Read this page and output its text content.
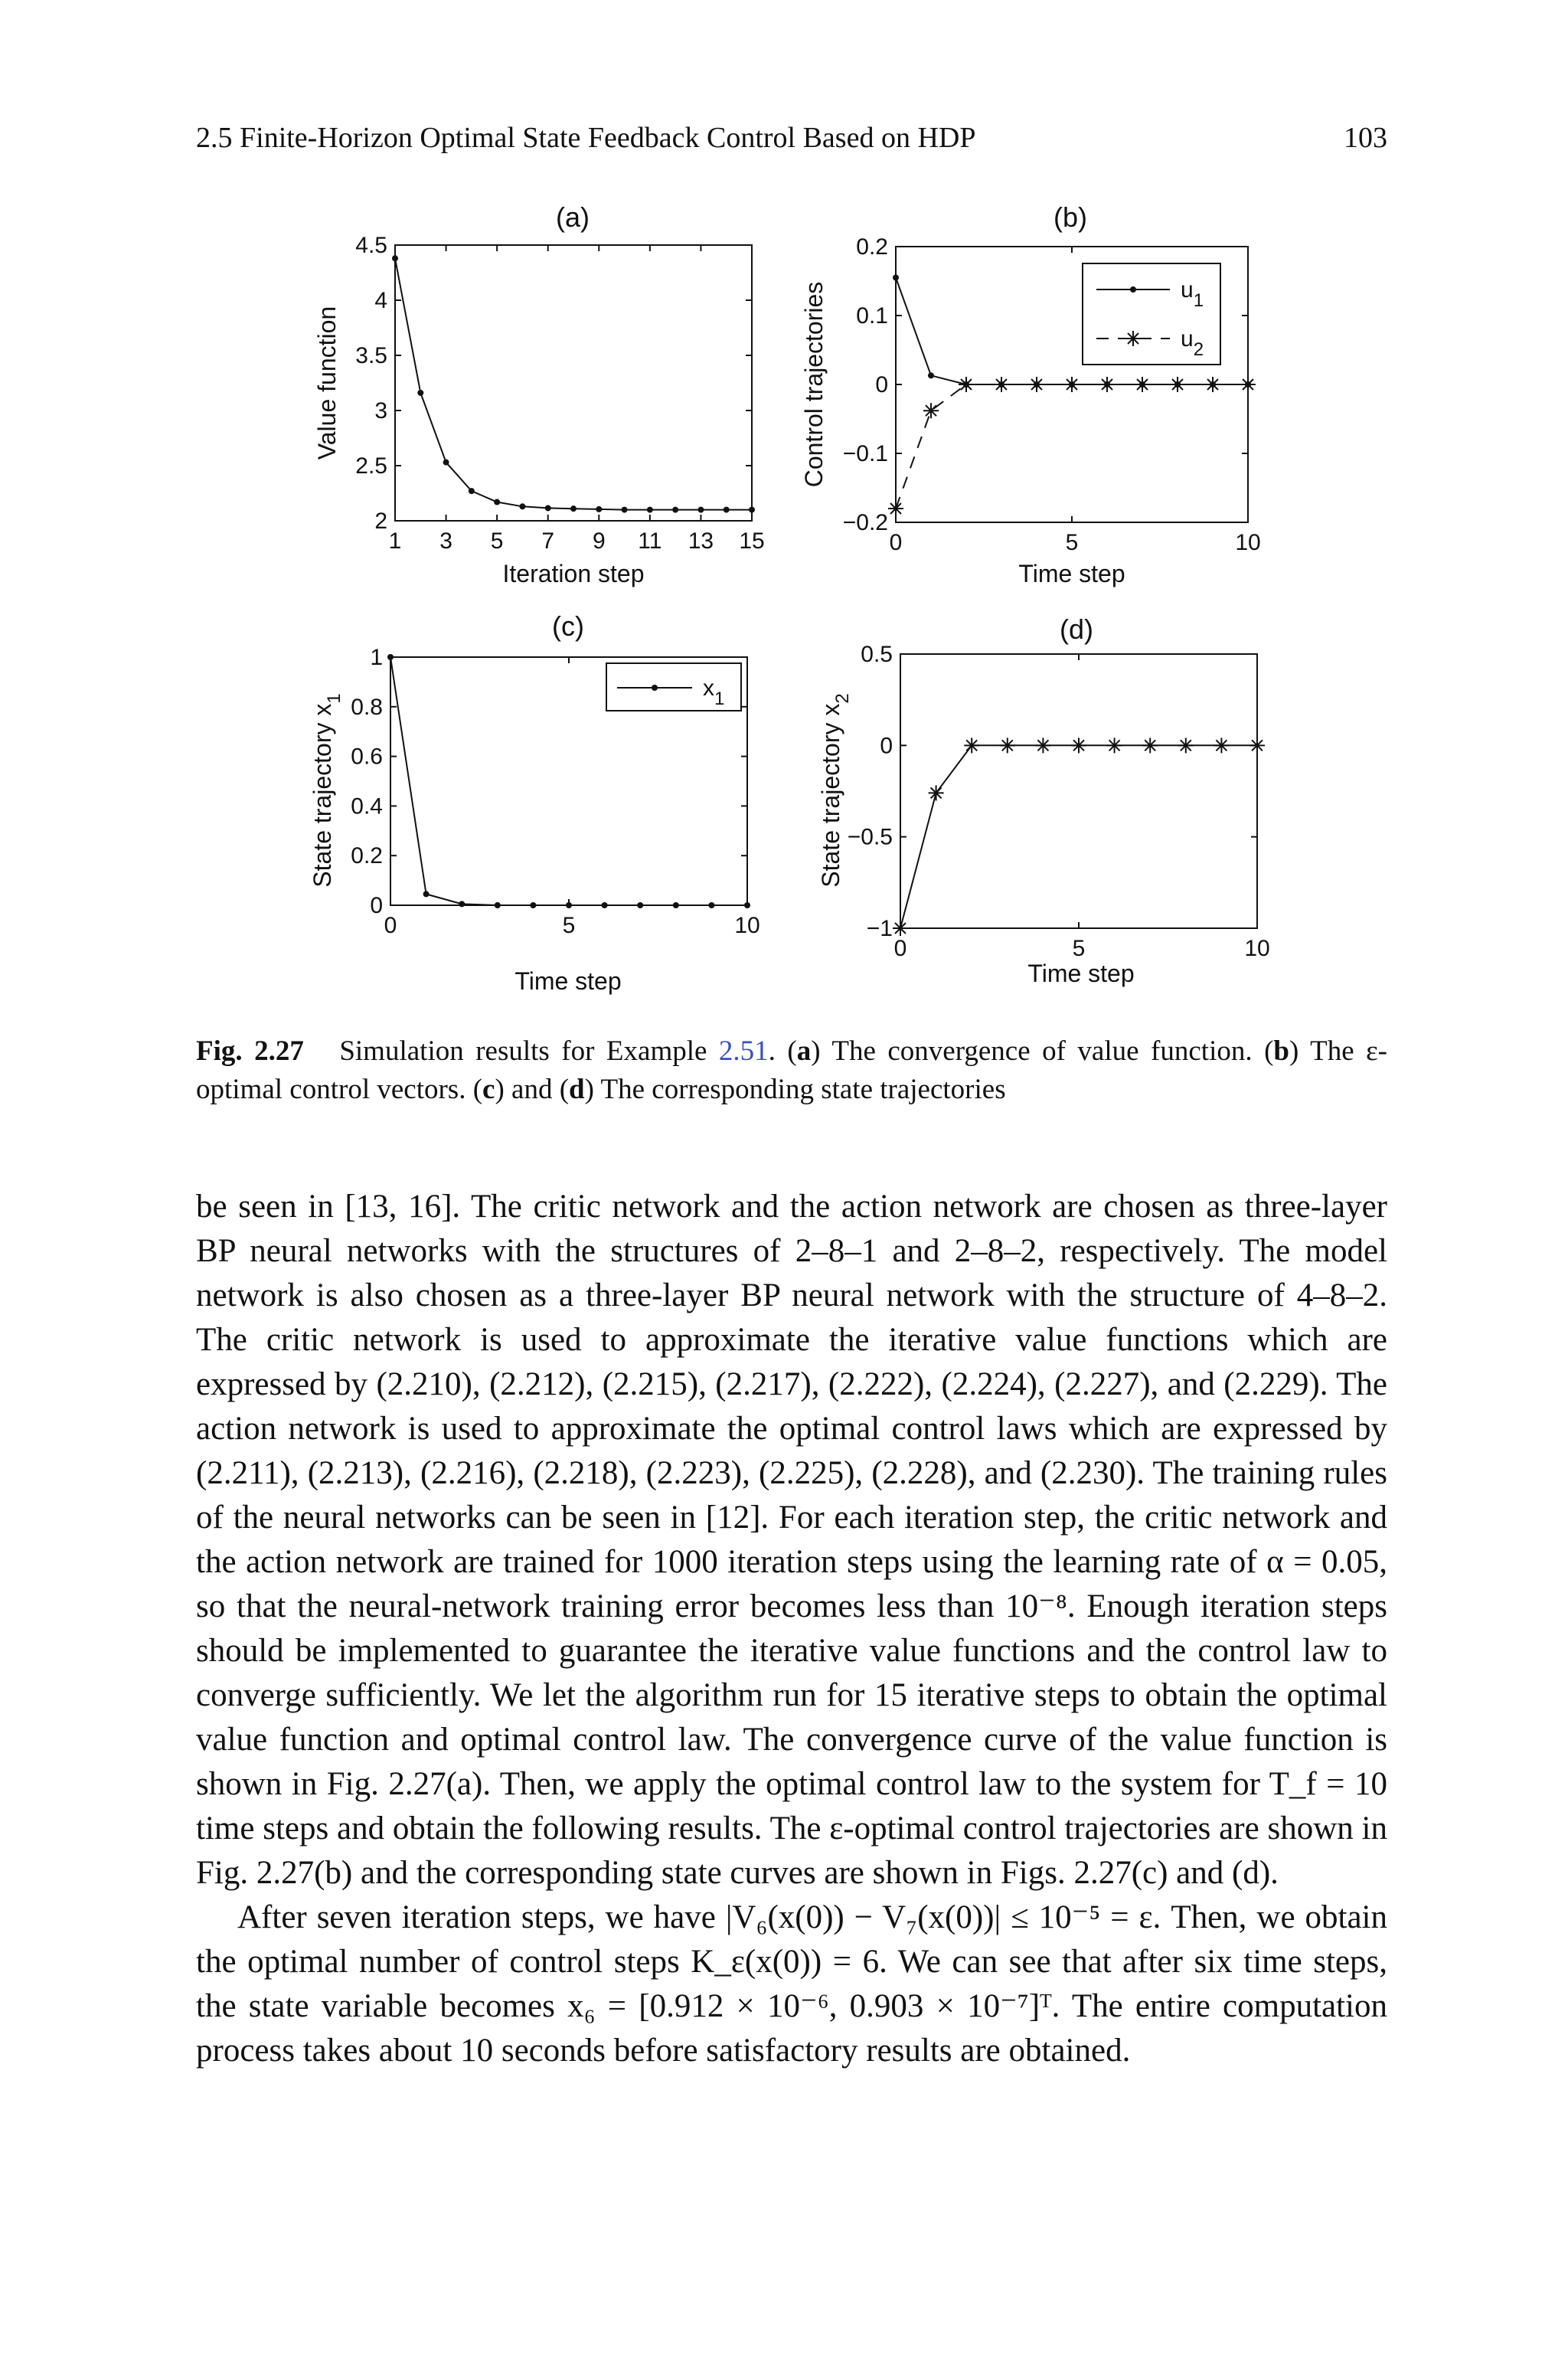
2.5 Finite-Horizon Optimal State Feedback Control Based on HDP	103
(a)
1 3 5 7 9 11 13 15
2
2.5
3
3.5
4
4.5
Iteration step
Value function
(b)
0	5	10
−0.2
−0.1
0
0.1
0.2
Time step
Control trajectories	$u_1$
$u_2$
(c)
0	5	10
0
0.2
0.4
0.6
0.8
1
Time step
State trajectory $x_1$	$x_1$
(d)
0	5	10
−1
−0.5
0
0.5
Time step
State trajectory $x_2$
Fig. 2.27 Simulation results for Example 2.51. (a) The convergence of value function. (b) The ε-optimal control vectors. (c) and (d) The corresponding state trajectories

be seen in [13, 16]. The critic network and the action network are chosen as three-layer BP neural networks with the structures of 2–8–1 and 2–8–2, respectively. The model network is also chosen as a three-layer BP neural network with the structure of 4–8–2. The critic network is used to approximate the iterative value functions which are expressed by (2.210), (2.212), (2.215), (2.217), (2.222), (2.224), (2.227), and (2.229). The action network is used to approximate the optimal control laws which are expressed by (2.211), (2.213), (2.216), (2.218), (2.223), (2.225), (2.228), and (2.230). The training rules of the neural networks can be seen in [12]. For each iteration step, the critic network and the action network are trained for 1000 iteration steps using the learning rate of α = 0.05, so that the neural-network training error becomes less than 10⁻⁸. Enough iteration steps should be implemented to guarantee the iterative value functions and the control law to converge sufficiently. We let the algorithm run for 15 iterative steps to obtain the optimal value function and optimal control law. The convergence curve of the value function is shown in Fig. 2.27(a). Then, we apply the optimal control law to the system for T_f = 10 time steps and obtain the following results. The ε-optimal control trajectories are shown in Fig. 2.27(b) and the corresponding state curves are shown in Figs. 2.27(c) and (d).

After seven iteration steps, we have |V₆(x(0)) − V₇(x(0))| ≤ 10⁻⁵ = ε. Then, we obtain the optimal number of control steps K_ε(x(0)) = 6. We can see that after six time steps, the state variable becomes x₆ = [0.912 × 10⁻⁶, 0.903 × 10⁻⁷]ᵀ. The entire computation process takes about 10 seconds before satisfactory results are obtained.
